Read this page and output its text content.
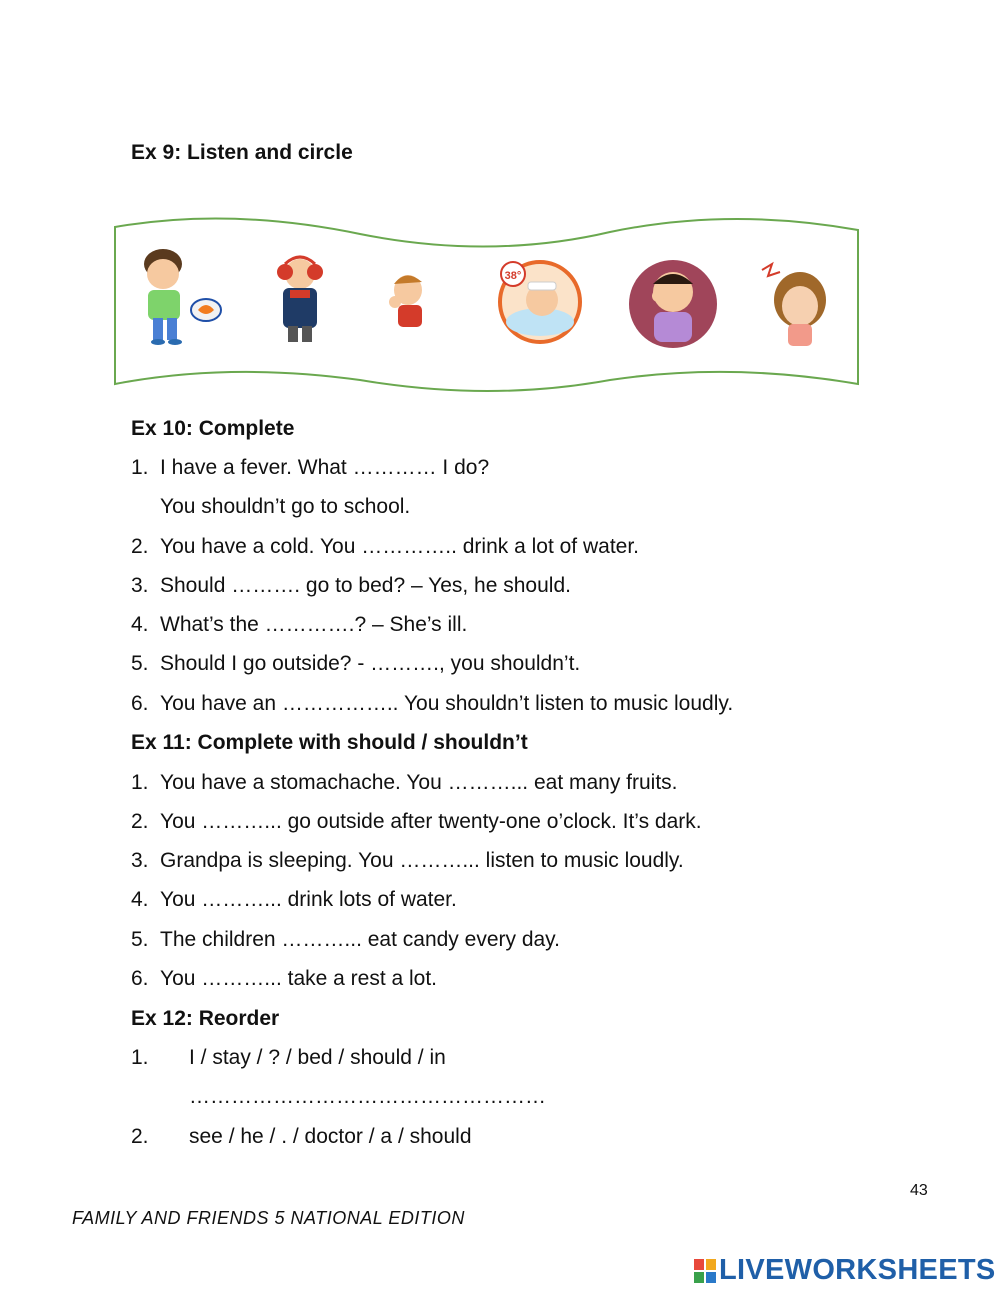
Ex 9: Listen and circle
38°
Ex 10: Complete
1. I have a fever. What ………… I do?
You shouldn’t go to school.
2. You have a cold. You ………….. drink a lot of water.
3. Should ………. go to bed? – Yes, he should.
4. What’s the ………….? – She’s ill.
5. Should I go outside? - ………., you shouldn’t.
6. You have an …………….. You shouldn’t listen to music loudly.
Ex 11: Complete with should / shouldn’t
1. You have a stomachache. You ………... eat many fruits.
2. You ………... go outside after twenty-one o’clock. It’s dark.
3. Grandpa is sleeping. You ………... listen to music loudly.
4. You ………... drink lots of water.
5. The children ………... eat candy every day.
6. You ………... take a rest a lot.
Ex 12: Reorder
1. I / stay / ? / bed / should / in
……………………………………………
2. see / he / . / doctor / a / should
43
FAMILY AND FRIENDS 5 NATIONAL EDITION
LIVEWORKSHEETS
